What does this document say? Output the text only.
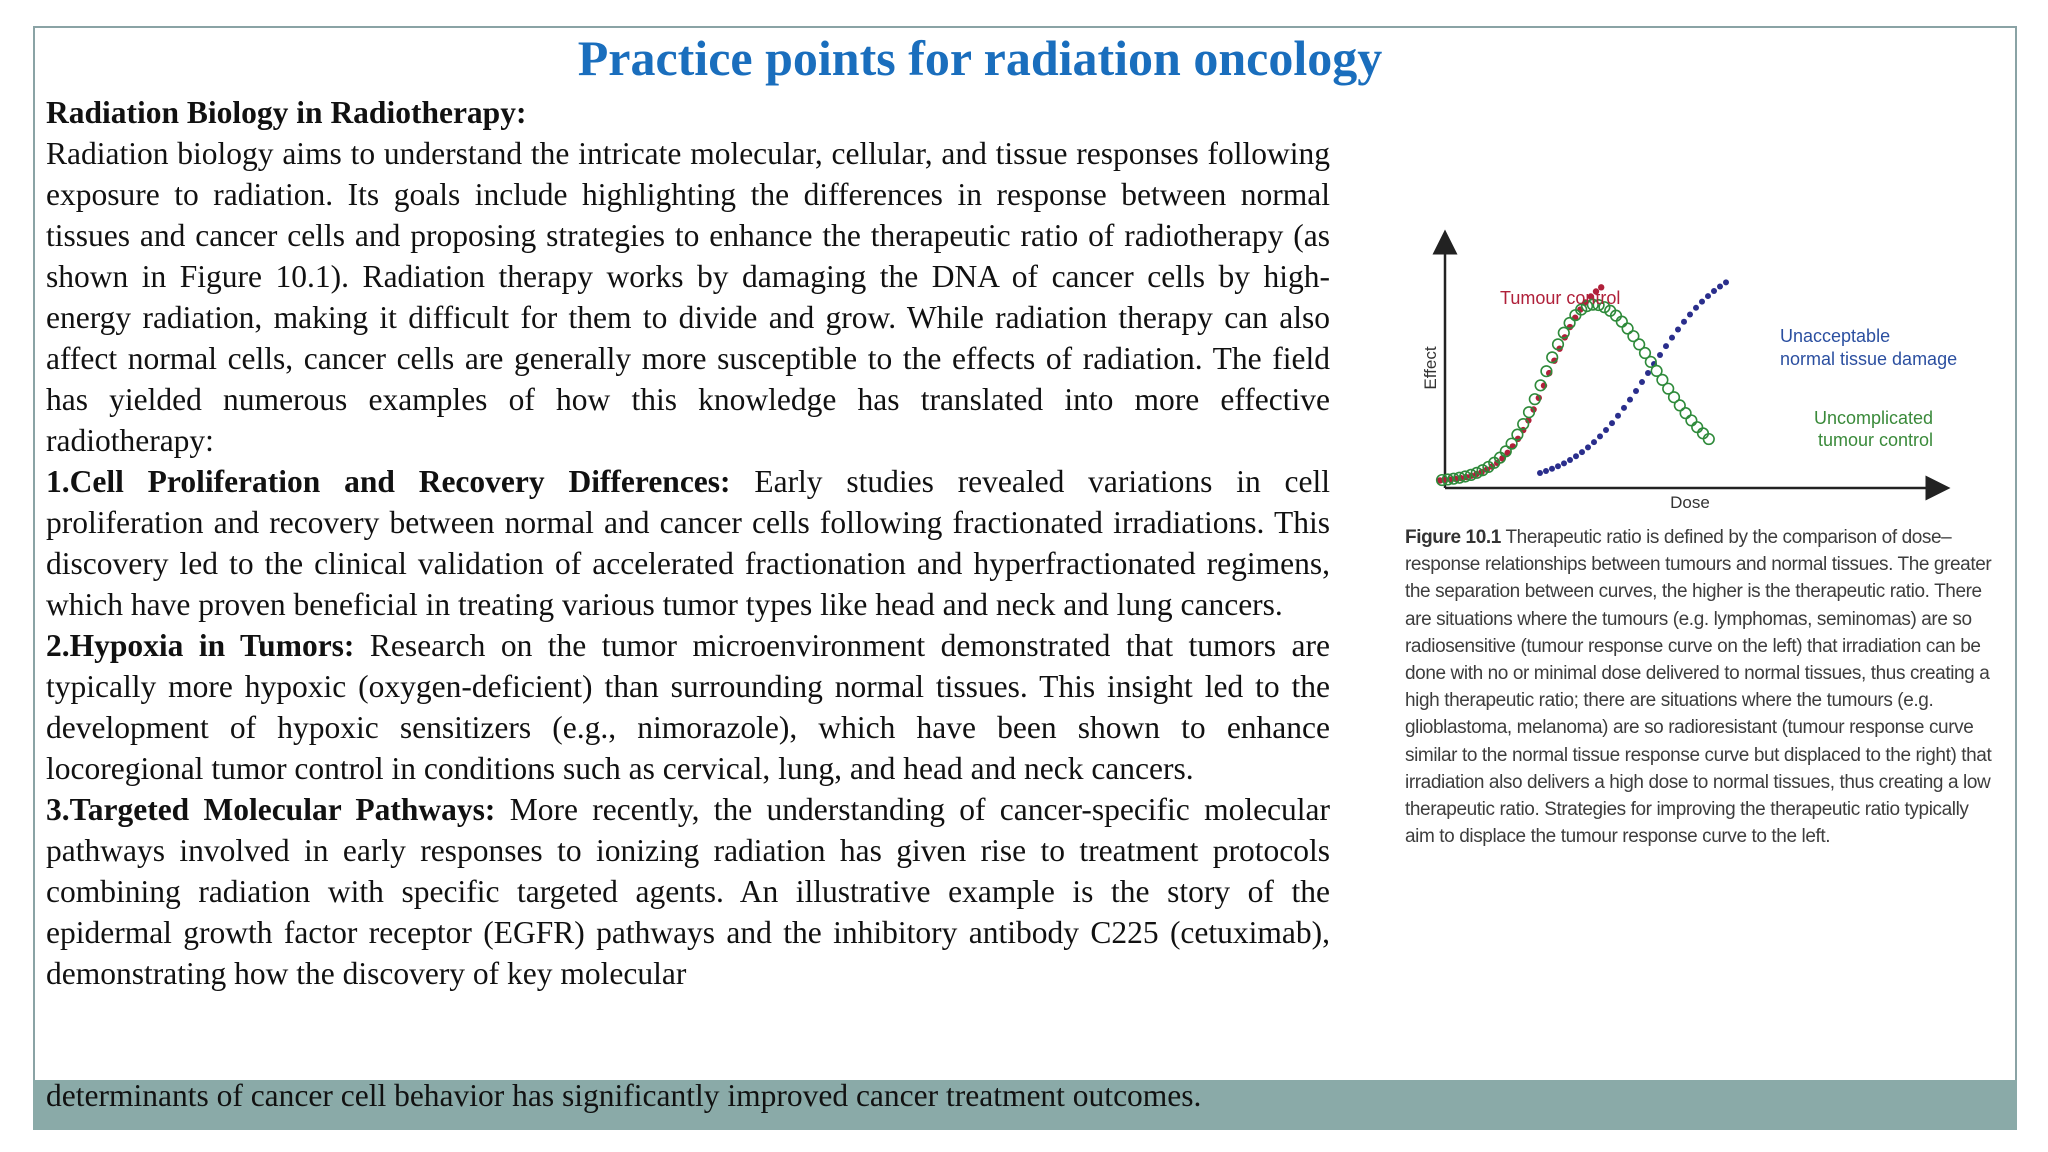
Practice points for radiation oncology

Radiation Biology in Radiotherapy:

Radiation biology aims to understand the intricate molecular, cellular, and tissue responses following exposure to radiation. Its goals include highlighting the differences in response between normal tissues and cancer cells and proposing strategies to enhance the therapeutic ratio of radiotherapy (as shown in Figure 10.1). Radiation therapy works by damaging the DNA of cancer cells by high-energy radiation, making it difficult for them to divide and grow. While radiation therapy can also affect normal cells, cancer cells are generally more susceptible to the effects of radiation. The field has yielded numerous examples of how this knowledge has translated into more effective radiotherapy:

1.Cell Proliferation and Recovery Differences: Early studies revealed variations in cell proliferation and recovery between normal and cancer cells following fractionated irradiations. This discovery led to the clinical validation of accelerated fractionation and hyperfractionated regimens, which have proven beneficial in treating various tumor types like head and neck and lung cancers.

2.Hypoxia in Tumors: Research on the tumor microenvironment demonstrated that tumors are typically more hypoxic (oxygen-deficient) than surrounding normal tissues. This insight led to the development of hypoxic sensitizers (e.g., nimorazole), which have been shown to enhance locoregional tumor control in conditions such as cervical, lung, and head and neck cancers.

3.Targeted Molecular Pathways: More recently, the understanding of cancer-specific molecular pathways involved in early responses to ionizing radiation has given rise to treatment protocols combining radiation with specific targeted agents. An illustrative example is the story of the epidermal growth factor receptor (EGFR) pathways and the inhibitory antibody C225 (cetuximab), demonstrating how the discovery of key molecular

determinants of cancer cell behavior has significantly improved cancer treatment outcomes.
Effect
Dose
Tumour control
Unacceptable
normal tissue damage
Uncomplicated
tumour control
Figure 10.1 Therapeutic ratio is defined by the comparison of dose–response relationships between tumours and normal tissues. The greater the separation between curves, the higher is the therapeutic ratio. There are situations where the tumours (e.g. lymphomas, seminomas) are so radiosensitive (tumour response curve on the left) that irradiation can be done with no or minimal dose delivered to normal tissues, thus creating a high therapeutic ratio; there are situations where the tumours (e.g. glioblastoma, melanoma) are so radioresistant (tumour response curve similar to the normal tissue response curve but displaced to the right) that irradiation also delivers a high dose to normal tissues, thus creating a low therapeutic ratio. Strategies for improving the therapeutic ratio typically aim to displace the tumour response curve to the left.
